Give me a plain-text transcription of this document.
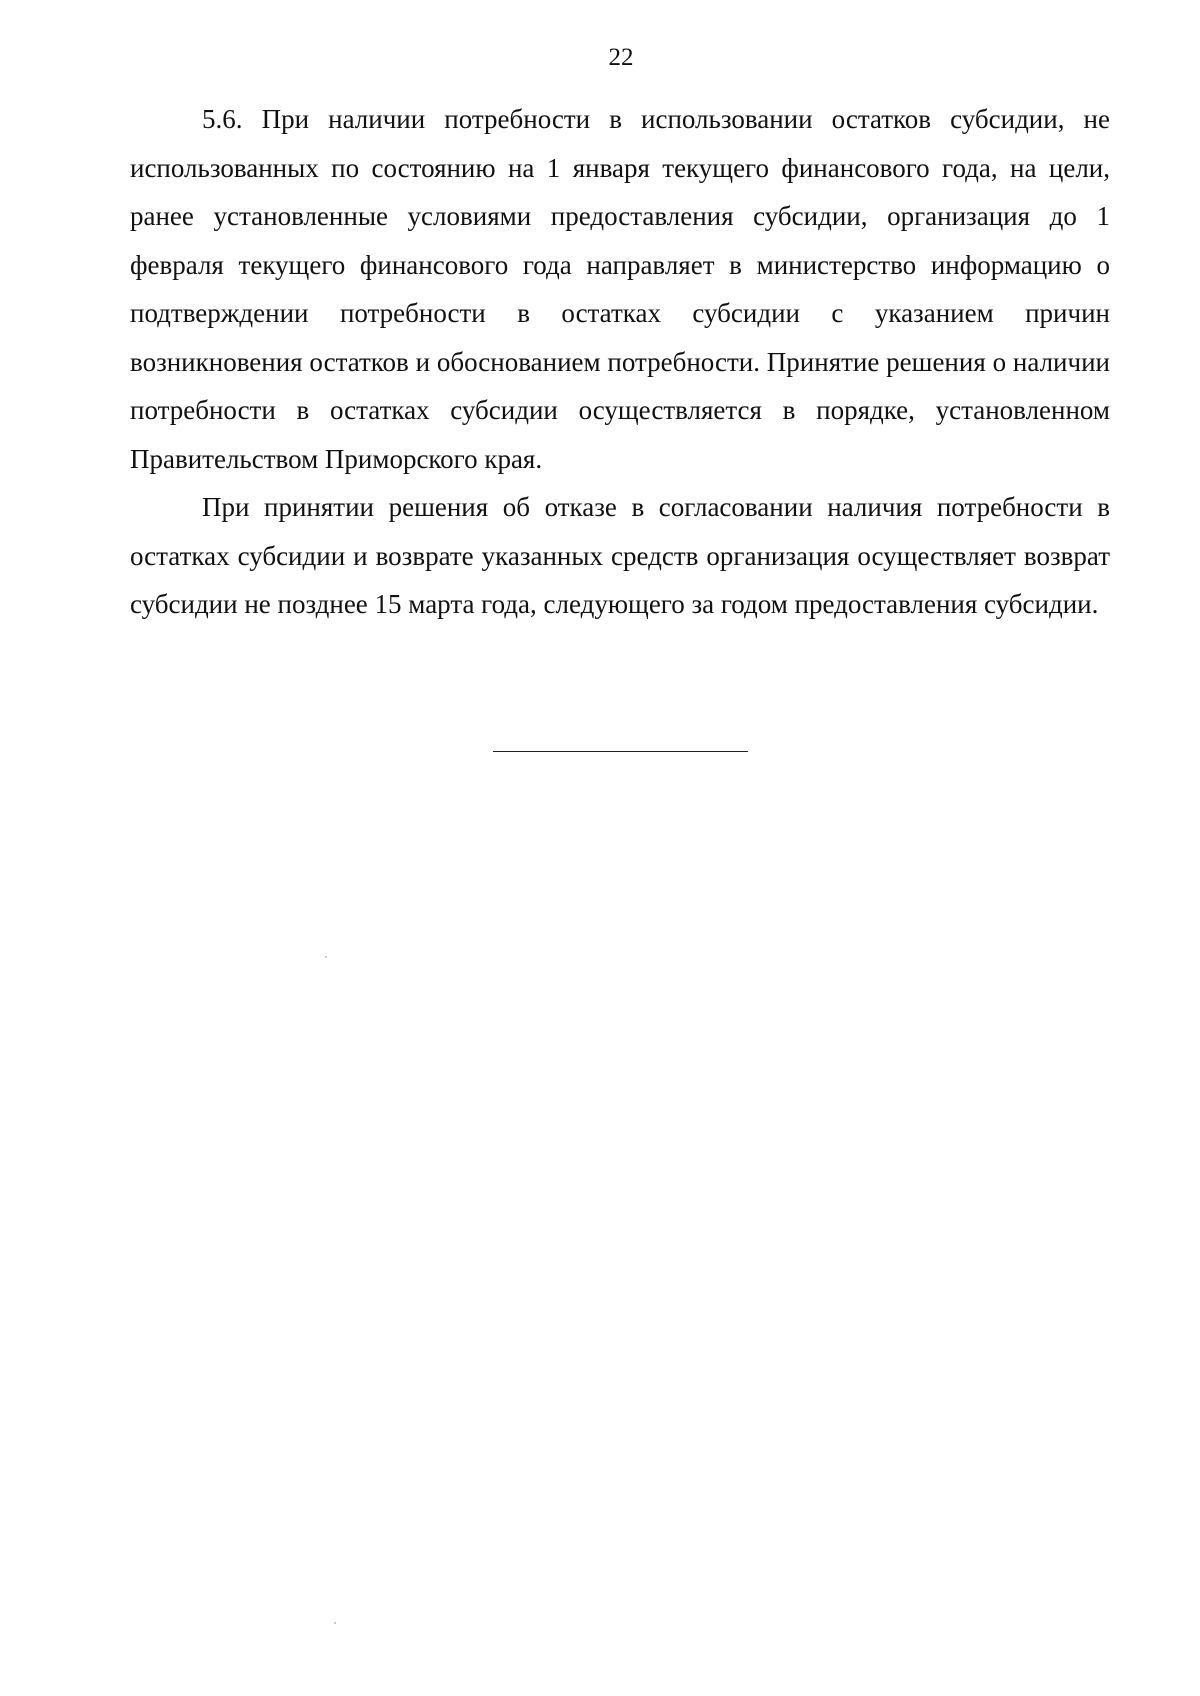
22

5.6. При наличии потребности в использовании остатков субсидии, не использованных по состоянию на 1 января текущего финансового года, на цели, ранее установленные условиями предоставления субсидии, организация до 1 февраля текущего финансового года направляет в министерство информацию о подтверждении потребности в остатках субсидии с указанием причин возникновения остатков и обоснованием потребности. Принятие решения о наличии потребности в остатках субсидии осуществляется в порядке, установленном Правительством Приморского края.

При принятии решения об отказе в согласовании наличия потребности в остатках субсидии и возврате указанных средств организация осуществляет возврат субсидии не позднее 15 марта года, следующего за годом предоставления субсидии.
